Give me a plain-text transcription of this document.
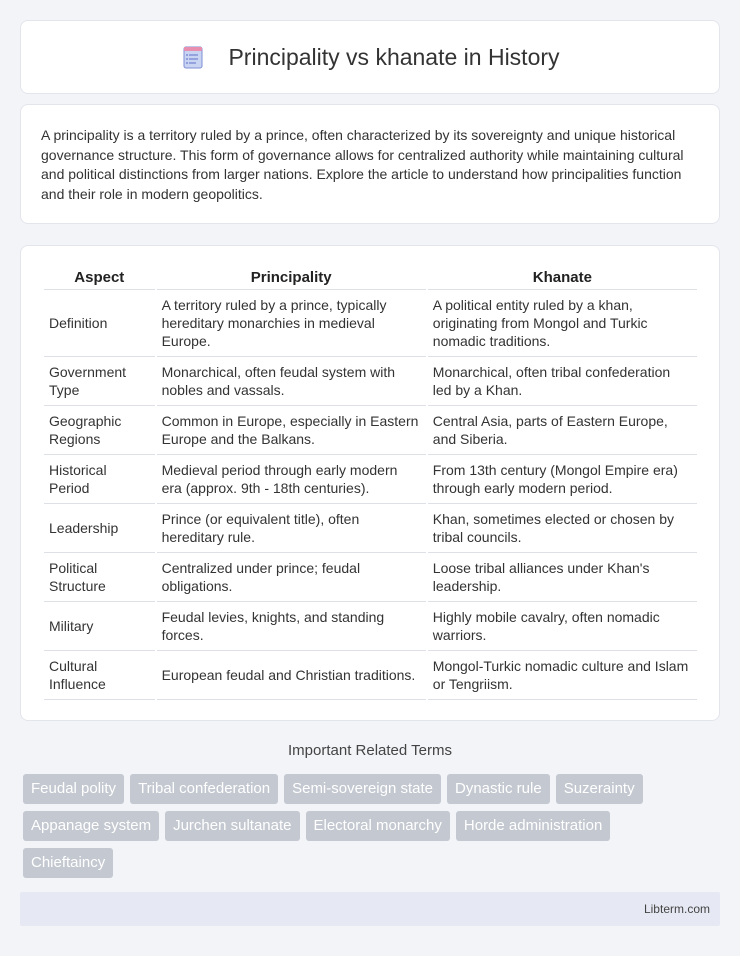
Principality vs khanate in History

A principality is a territory ruled by a prince, often characterized by its sovereignty and unique historical governance structure. This form of governance allows for centralized authority while maintaining cultural and political distinctions from larger nations. Explore the article to understand how principalities function and their role in modern geopolitics.

Aspect	Principality	Khanate
Definition	A territory ruled by a prince, typically hereditary monarchies in medieval Europe.	A political entity ruled by a khan, originating from Mongol and Turkic nomadic traditions.
Government Type	Monarchical, often feudal system with nobles and vassals.	Monarchical, often tribal confederation led by a Khan.
Geographic Regions	Common in Europe, especially in Eastern Europe and the Balkans.	Central Asia, parts of Eastern Europe, and Siberia.
Historical Period	Medieval period through early modern era (approx. 9th - 18th centuries).	From 13th century (Mongol Empire era) through early modern period.
Leadership	Prince (or equivalent title), often hereditary rule.	Khan, sometimes elected or chosen by tribal councils.
Political Structure	Centralized under prince; feudal obligations.	Loose tribal alliances under Khan's leadership.
Military	Feudal levies, knights, and standing forces.	Highly mobile cavalry, often nomadic warriors.
Cultural Influence	European feudal and Christian traditions.	Mongol-Turkic nomadic culture and Islam or Tengriism.
Important Related Terms
Feudal polity	Tribal confederation	Semi-sovereign state	Dynastic rule	Suzerainty
Appanage system	Jurchen sultanate	Electoral monarchy	Horde administration
Chieftaincy
Libterm.com
